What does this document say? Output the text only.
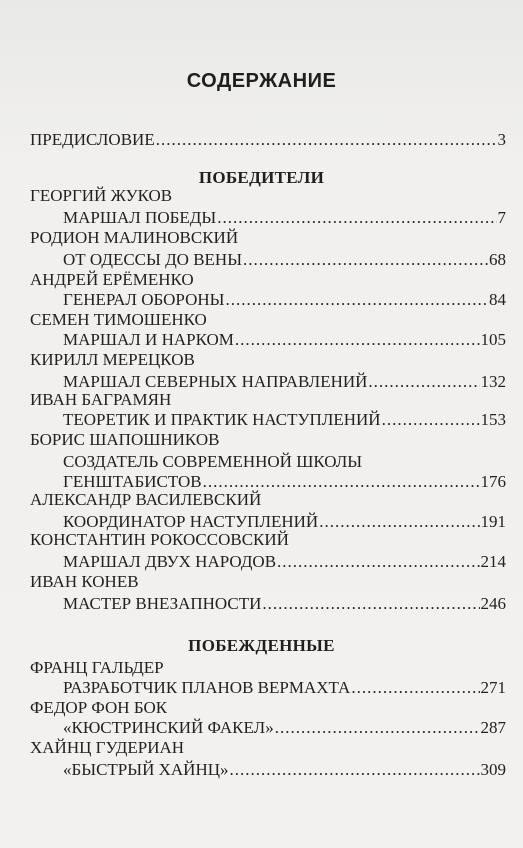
СОДЕРЖАНИЕ
ПРЕДИСЛОВИЕ .....	3
ПОБЕДИТЕЛИ
ГЕОРГИЙ ЖУКОВ
МАРШАЛ ПОБЕДЫ .....	7
РОДИОН МАЛИНОВСКИЙ
ОТ ОДЕССЫ ДО ВЕНЫ .....	68
АНДРЕЙ ЕРЁМЕНКО
ГЕНЕРАЛ ОБОРОНЫ .....	84
СЕМЕН ТИМОШЕНКО
МАРШАЛ И НАРКОМ .....	105
КИРИЛЛ МЕРЕЦКОВ
МАРШАЛ СЕВЕРНЫХ НАПРАВЛЕНИЙ .....	132
ИВАН БАГРАМЯН
ТЕОРЕТИК И ПРАКТИК НАСТУПЛЕНИЙ .....	153
БОРИС ШАПОШНИКОВ
СОЗДАТЕЛЬ СОВРЕМЕННОЙ ШКОЛЫ
ГЕНШТАБИСТОВ .....	176
АЛЕКСАНДР ВАСИЛЕВСКИЙ
КООРДИНАТОР НАСТУПЛЕНИЙ .....	191
КОНСТАНТИН РОКОССОВСКИЙ
МАРШАЛ ДВУХ НАРОДОВ .....	214
ИВАН КОНЕВ
МАСТЕР ВНЕЗАПНОСТИ .....	246
ПОБЕЖДЕННЫЕ
ФРАНЦ ГАЛЬДЕР
РАЗРАБОТЧИК ПЛАНОВ ВЕРМАХТА .....	271
ФЕДОР ФОН БОК
«КЮСТРИНСКИЙ ФАКЕЛ» .....	287
ХАЙНЦ ГУДЕРИАН
«БЫСТРЫЙ ХАЙНЦ» .....	309
